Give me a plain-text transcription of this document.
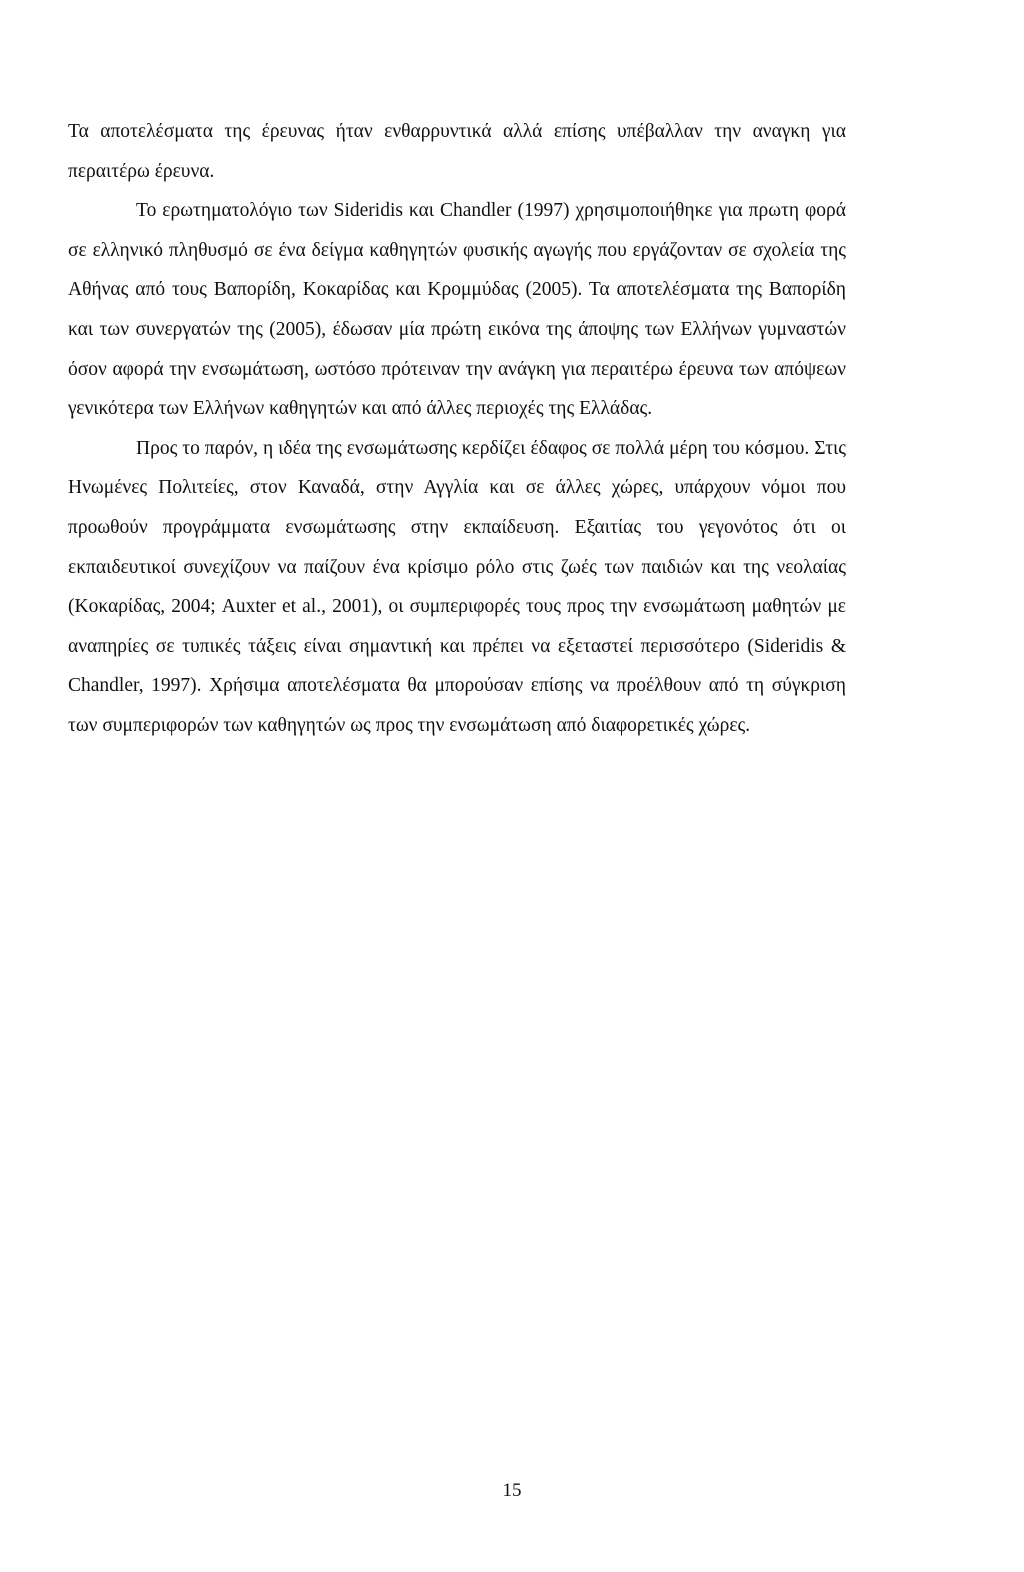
Τα αποτελέσματα της έρευνας ήταν ενθαρρυντικά αλλά επίσης υπέβαλλαν την αναγκη για περαιτέρω έρευνα.

Το ερωτηματολόγιο των Sideridis και Chandler (1997) χρησιμοποιήθηκε για πρωτη φορά σε ελληνικό πληθυσμό σε ένα δείγμα καθηγητών φυσικής αγωγής που εργάζονταν σε σχολεία της Αθήνας από τους Βαπορίδη, Κοκαρίδας και Κρομμύδας (2005). Τα αποτελέσματα της Βαπορίδη και των συνεργατών της (2005), έδωσαν μία πρώτη εικόνα της άποψης των Ελλήνων γυμναστών όσον αφορά την ενσωμάτωση, ωστόσο πρότειναν την ανάγκη για περαιτέρω έρευνα των απόψεων γενικότερα των Ελλήνων καθηγητών και από άλλες περιοχές της Ελλάδας.

Προς το παρόν, η ιδέα της ενσωμάτωσης κερδίζει έδαφος σε πολλά μέρη του κόσμου. Στις Ηνωμένες Πολιτείες, στον Καναδά, στην Αγγλία και σε άλλες χώρες, υπάρχουν νόμοι που προωθούν προγράμματα ενσωμάτωσης στην εκπαίδευση. Εξαιτίας του γεγονότος ότι οι εκπαιδευτικοί συνεχίζουν να παίζουν ένα κρίσιμο ρόλο στις ζωές των παιδιών και της νεολαίας (Κοκαρίδας, 2004; Auxter et al., 2001), οι συμπεριφορές τους προς την ενσωμάτωση μαθητών με αναπηρίες σε τυπικές τάξεις είναι σημαντική και πρέπει να εξεταστεί περισσότερο (Sideridis & Chandler, 1997). Χρήσιμα αποτελέσματα θα μπορούσαν επίσης να προέλθουν από τη σύγκριση των συμπεριφορών των καθηγητών ως προς την ενσωμάτωση από διαφορετικές χώρες.

15
